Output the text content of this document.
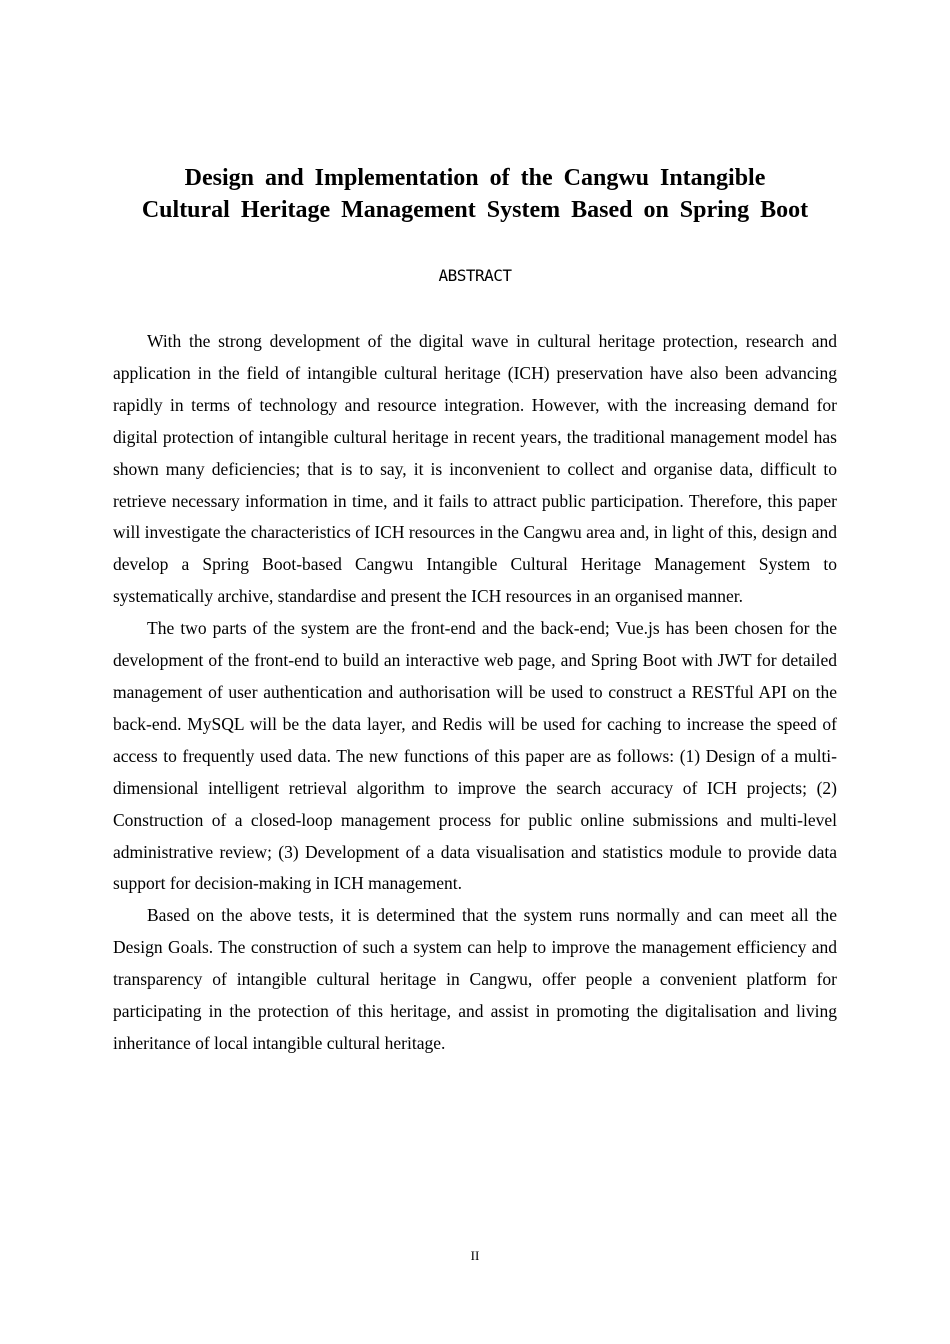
Design and Implementation of the Cangwu Intangible
Cultural Heritage Management System Based on Spring Boot
ABSTRACT

With the strong development of the digital wave in cultural heritage protection, research and application in the field of intangible cultural heritage (ICH) preservation have also been advancing rapidly in terms of technology and resource integration. However, with the increasing demand for digital protection of intangible cultural heritage in recent years, the traditional management model has shown many deficiencies; that is to say, it is inconvenient to collect and organise data, difficult to retrieve necessary information in time, and it fails to attract public participation. Therefore, this paper will investigate the characteristics of ICH resources in the Cangwu area and, in light of this, design and develop a Spring Boot-based Cangwu Intangible Cultural Heritage Management System to systematically archive, standardise and present the ICH resources in an organised manner.

The two parts of the system are the front-end and the back-end; Vue.js has been chosen for the development of the front-end to build an interactive web page, and Spring Boot with JWT for detailed management of user authentication and authorisation will be used to construct a RESTful API on the back-end. MySQL will be the data layer, and Redis will be used for caching to increase the speed of access to frequently used data. The new functions of this paper are as follows: (1) Design of a multi-dimensional intelligent retrieval algorithm to improve the search accuracy of ICH projects; (2) Construction of a closed-loop management process for public online submissions and multi-level administrative review; (3) Development of a data visualisation and statistics module to provide data support for decision-making in ICH management.

Based on the above tests, it is determined that the system runs normally and can meet all the Design Goals. The construction of such a system can help to improve the management efficiency and transparency of intangible cultural heritage in Cangwu, offer people a convenient platform for participating in the protection of this heritage, and assist in promoting the digitalisation and living inheritance of local intangible cultural heritage.

II
